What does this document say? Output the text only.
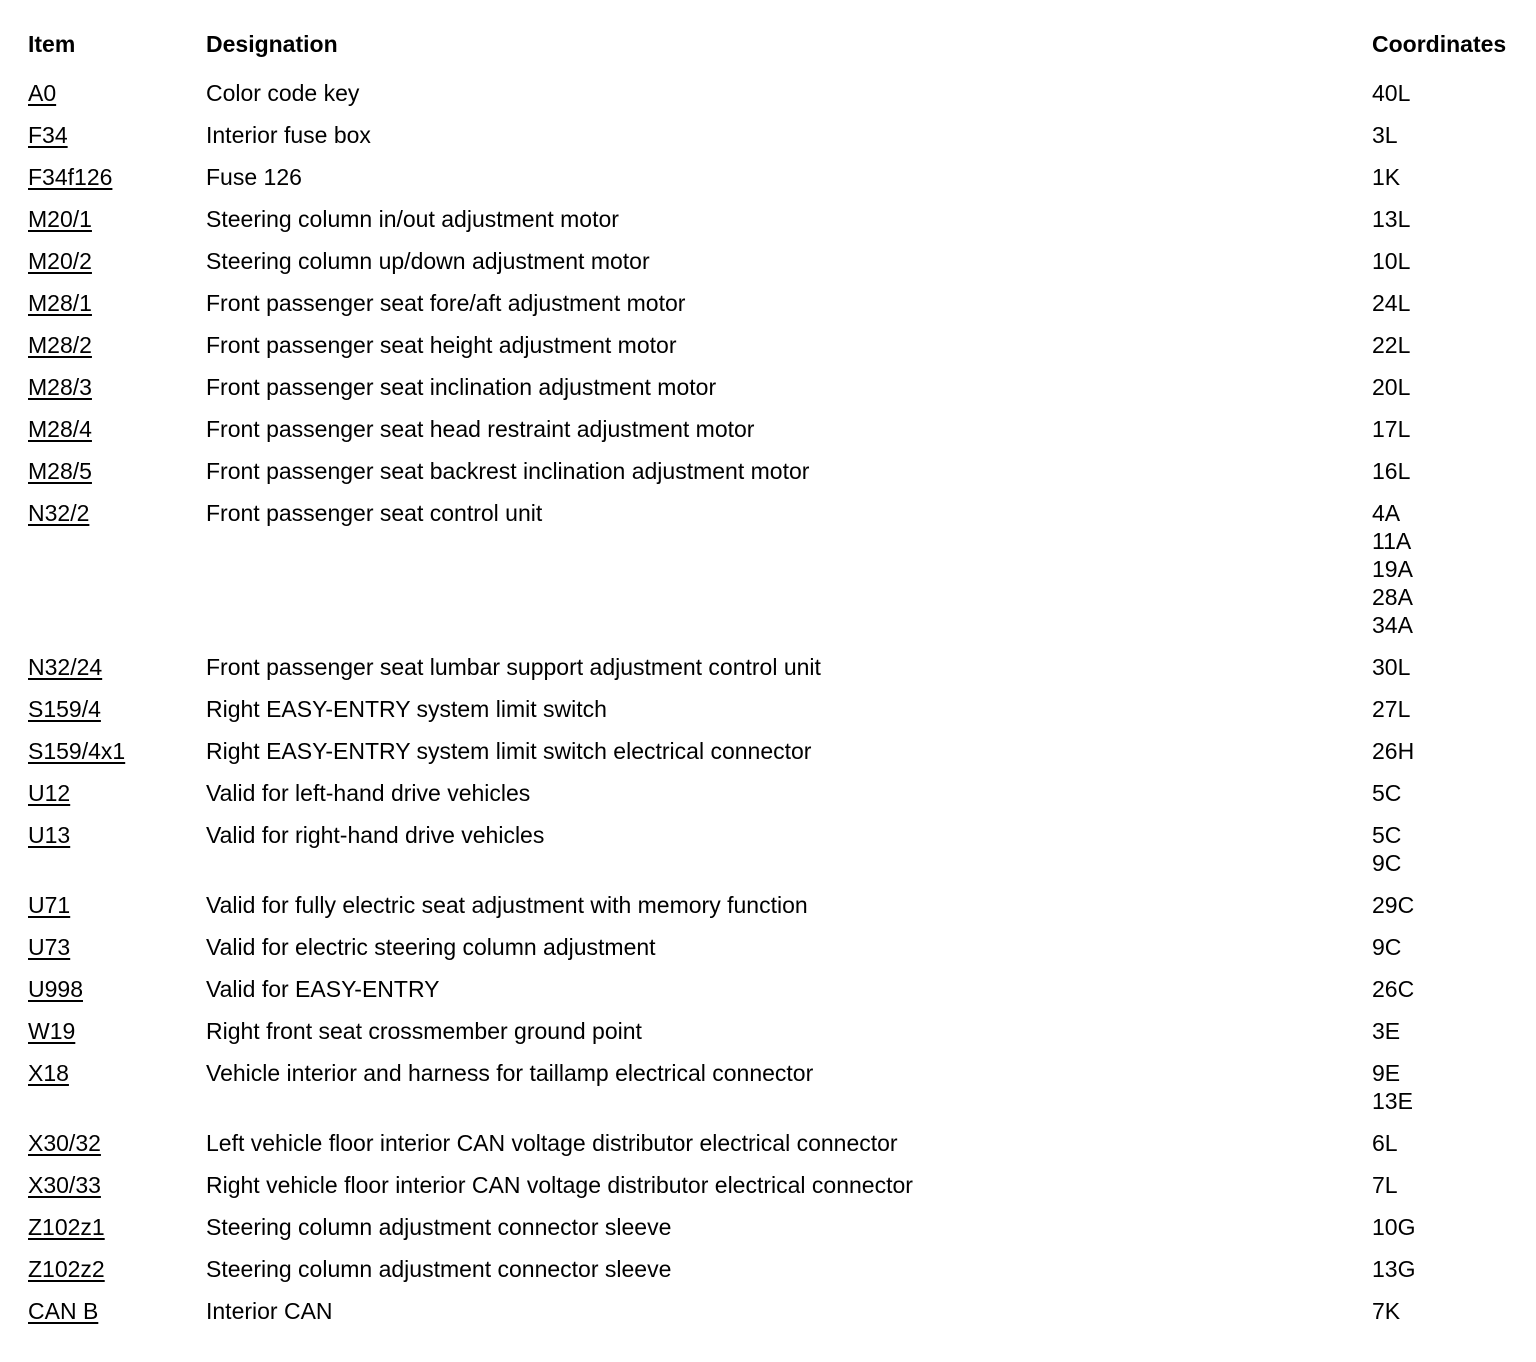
Item	Designation	Coordinates
A0	Color code key	40L
F34	Interior fuse box	3L
F34f126	Fuse 126	1K
M20/1	Steering column in/out adjustment motor	13L
M20/2	Steering column up/down adjustment motor	10L
M28/1	Front passenger seat fore/aft adjustment motor	24L
M28/2	Front passenger seat height adjustment motor	22L
M28/3	Front passenger seat inclination adjustment motor	20L
M28/4	Front passenger seat head restraint adjustment motor	17L
M28/5	Front passenger seat backrest inclination adjustment motor	16L
N32/2	Front passenger seat control unit	4A
11A
19A
28A
34A
N32/24	Front passenger seat lumbar support adjustment control unit	30L
S159/4	Right EASY-ENTRY system limit switch	27L
S159/4x1	Right EASY-ENTRY system limit switch electrical connector	26H
U12	Valid for left-hand drive vehicles	5C
U13	Valid for right-hand drive vehicles	5C
9C
U71	Valid for fully electric seat adjustment with memory function	29C
U73	Valid for electric steering column adjustment	9C
U998	Valid for EASY-ENTRY	26C
W19	Right front seat crossmember ground point	3E
X18	Vehicle interior and harness for taillamp electrical connector	9E
13E
X30/32	Left vehicle floor interior CAN voltage distributor electrical connector	6L
X30/33	Right vehicle floor interior CAN voltage distributor electrical connector	7L
Z102z1	Steering column adjustment connector sleeve	10G
Z102z2	Steering column adjustment connector sleeve	13G
CAN B	Interior CAN	7K
